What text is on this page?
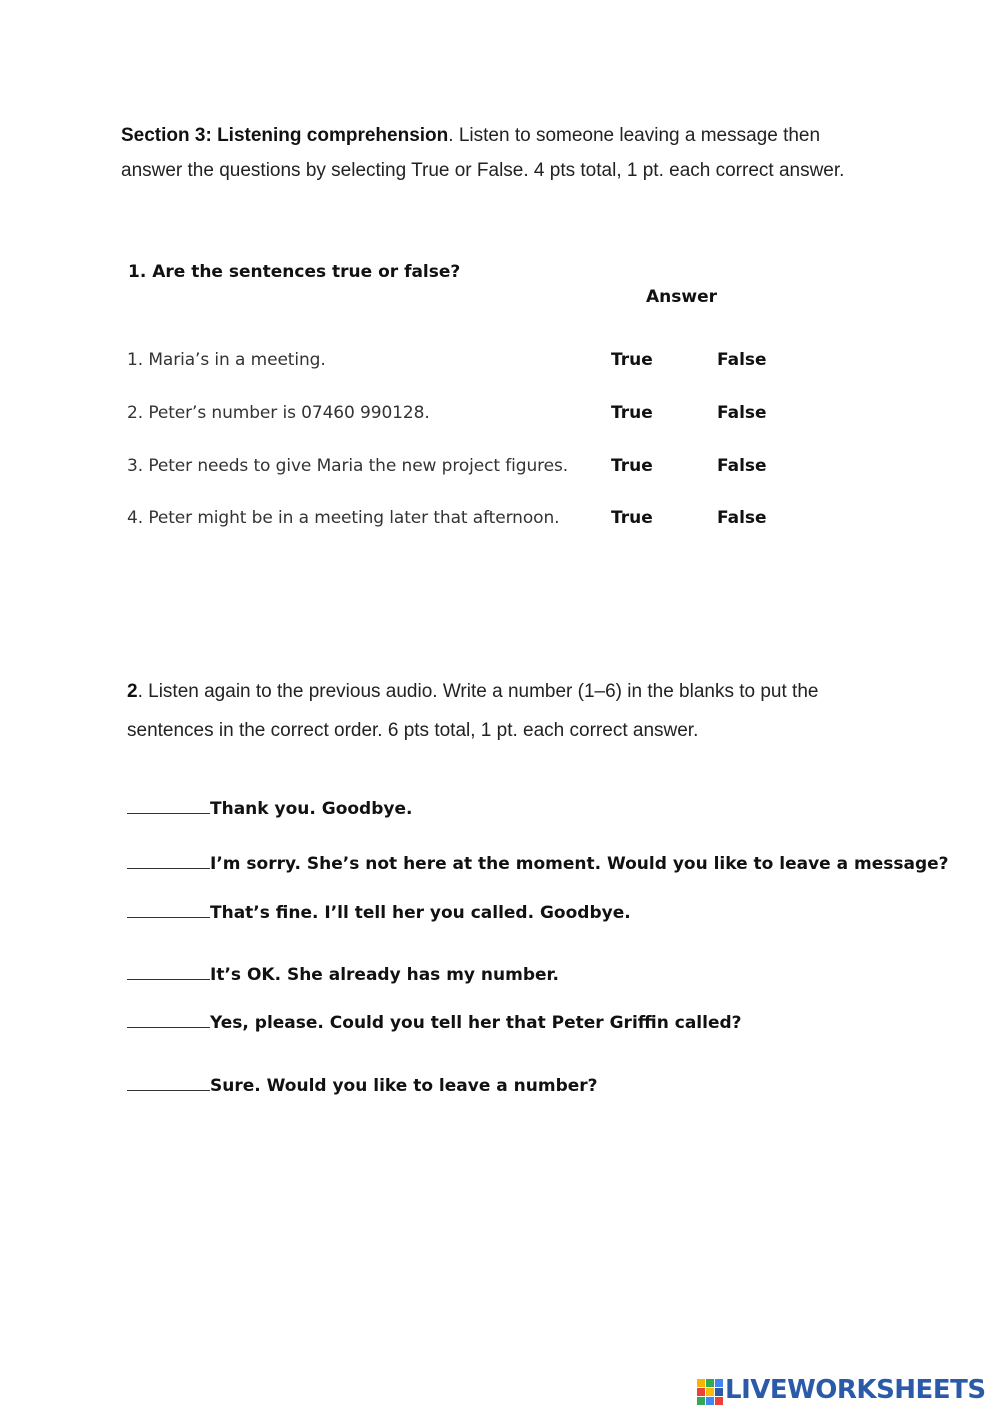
Section 3: Listening comprehension. Listen to someone leaving a message then answer the questions by selecting True or False. 4 pts total, 1 pt. each correct answer.
1. Are the sentences true or false?
Answer
1. Maria’s in a meeting.	True	False
2. Peter’s number is 07460 990128.	True	False
3. Peter needs to give Maria the new project figures.	True	False
4. Peter might be in a meeting later that afternoon.	True	False
2. Listen again to the previous audio. Write a number (1–6) in the blanks to put the sentences in the correct order. 6 pts total, 1 pt. each correct answer.
Thank you. Goodbye.
I’m sorry. She’s not here at the moment. Would you like to leave a message?
That’s fine. I’ll tell her you called. Goodbye.
It’s OK. She already has my number.
Yes, please. Could you tell her that Peter Griffin called?
Sure. Would you like to leave a number?
LIVEWORKSHEETS
